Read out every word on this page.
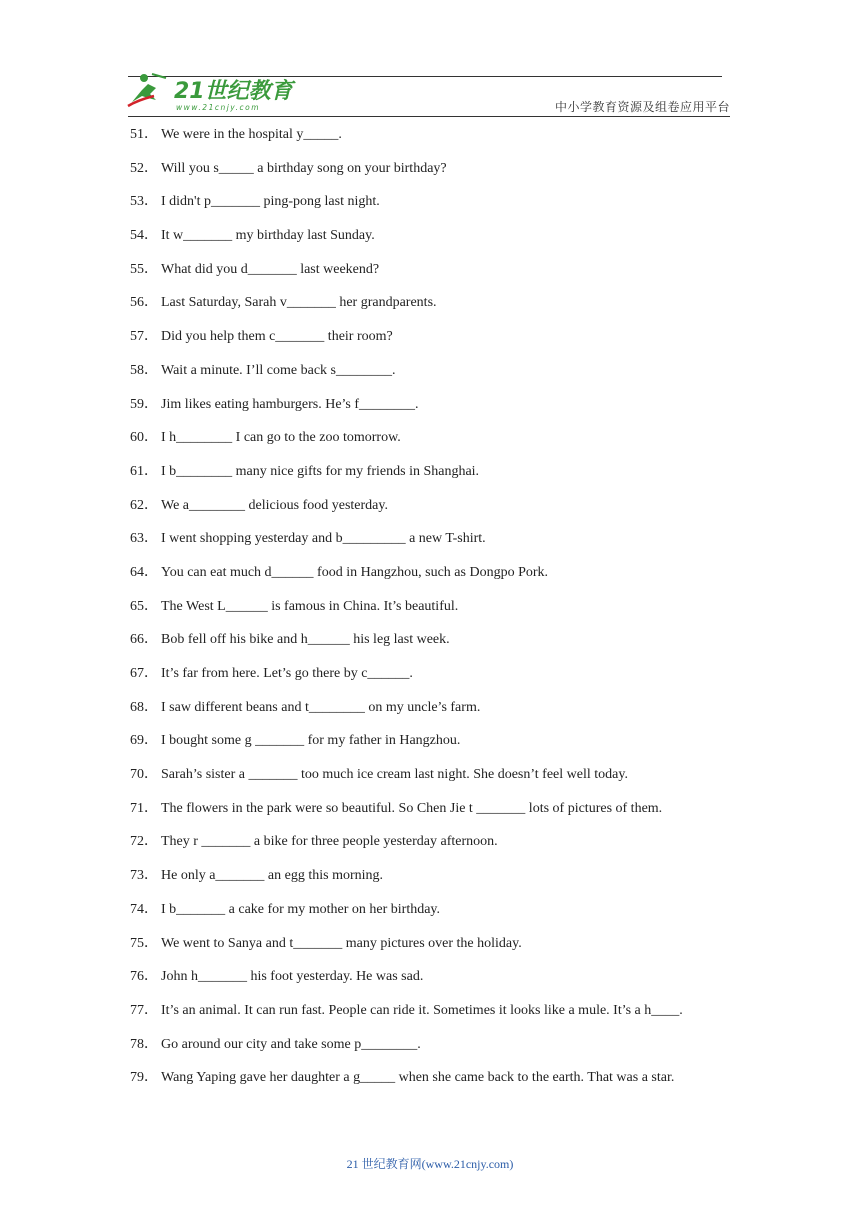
21世纪教育
www.21cnjy.com	中小学教育资源及组卷应用平台
51． We were in the hospital y_____.
52． Will you s_____ a birthday song on your birthday?
53． I didn't p_______ ping-pong last night.
54． It w_______ my birthday last Sunday.
55． What did you d_______ last weekend?
56． Last Saturday, Sarah v_______ her grandparents.
57． Did you help them c_______ their room?
58． Wait a minute. I’ll come back s________.
59． Jim likes eating hamburgers. He’s f________.
60． I h________ I can go to the zoo tomorrow.
61． I b________ many nice gifts for my friends in Shanghai.
62． We a________ delicious food yesterday.
63． I went shopping yesterday and b_________ a new T-shirt.
64． You can eat much d______ food in Hangzhou, such as Dongpo Pork.
65． The West L______ is famous in China. It’s beautiful.
66． Bob fell off his bike and h______ his leg last week.
67． It’s far from here. Let’s go there by c______.
68． I saw different beans and t________ on my uncle’s farm.
69． I bought some g _______ for my father in Hangzhou.
70． Sarah’s sister a _______ too much ice cream last night. She doesn’t feel well today.
71． The flowers in the park were so beautiful. So Chen Jie t _______ lots of pictures of them.
72． They r _______ a bike for three people yesterday afternoon.
73． He only a_______ an egg this morning.
74． I b_______ a cake for my mother on her birthday.
75． We went to Sanya and t_______ many pictures over the holiday.
76． John h_______ his foot yesterday. He was sad.
77． It’s an animal. It can run fast. People can ride it. Sometimes it looks like a mule. It’s a h____.
78． Go around our city and take some p________.
79． Wang Yaping gave her daughter a g_____ when she came back to the earth. That was a star.
21 世纪教育网(www.21cnjy.com)
